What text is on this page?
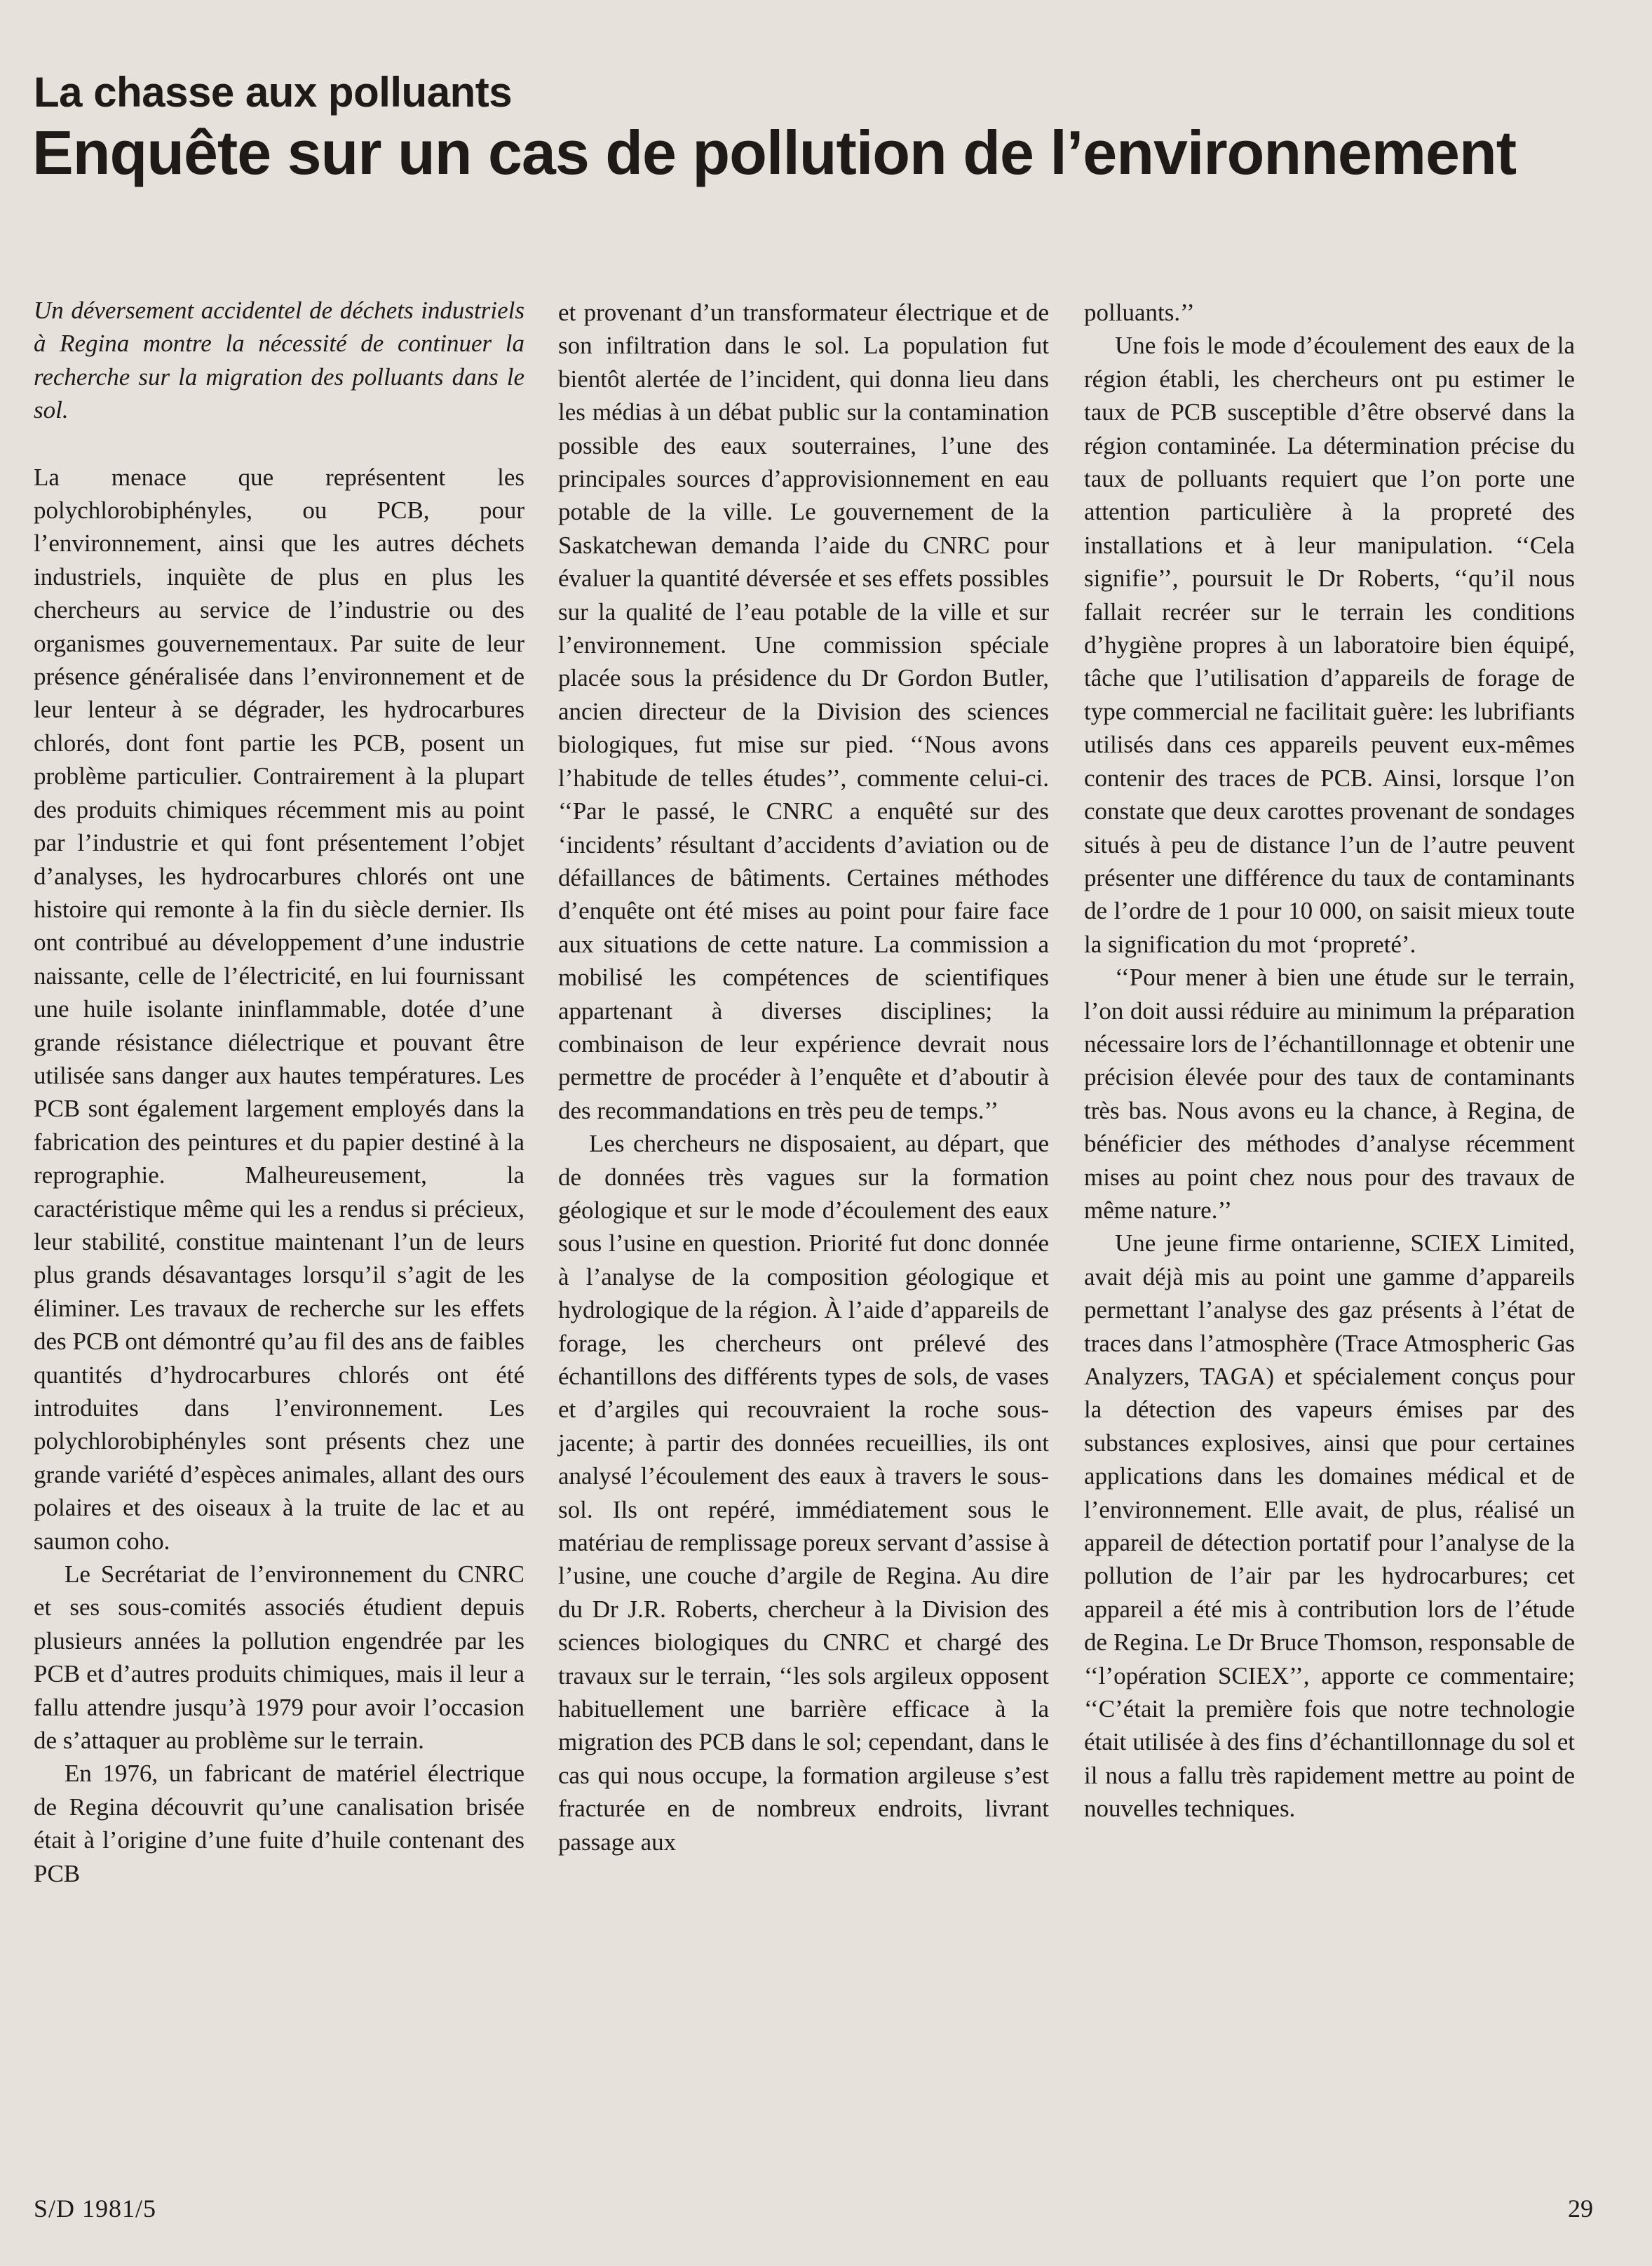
La chasse aux polluants
Enquête sur un cas de pollution de l’environnement

Un déversement accidentel de déchets industriels à Regina montre la nécessité de continuer la recherche sur la migration des polluants dans le sol.

La menace que représentent les polychlorobiphényles, ou PCB, pour l’environnement, ainsi que les autres déchets industriels, inquiète de plus en plus les chercheurs au service de l’industrie ou des organismes gouvernementaux. Par suite de leur présence généralisée dans l’environnement et de leur lenteur à se dégrader, les hydrocarbures chlorés, dont font partie les PCB, posent un problème particulier. Contrairement à la plupart des produits chimiques récemment mis au point par l’industrie et qui font présentement l’objet d’analyses, les hydrocarbures chlorés ont une histoire qui remonte à la fin du siècle dernier. Ils ont contribué au développement d’une industrie naissante, celle de l’électricité, en lui fournissant une huile isolante ininflammable, dotée d’une grande résistance diélectrique et pouvant être utilisée sans danger aux hautes températures. Les PCB sont également largement employés dans la fabrication des peintures et du papier destiné à la reprographie. Malheureusement, la caractéristique même qui les a rendus si précieux, leur stabilité, constitue maintenant l’un de leurs plus grands désavantages lorsqu’il s’agit de les éliminer. Les travaux de recherche sur les effets des PCB ont démontré qu’au fil des ans de faibles quantités d’hydrocarbures chlorés ont été introduites dans l’environnement. Les polychlorobiphényles sont présents chez une grande variété d’espèces animales, allant des ours polaires et des oiseaux à la truite de lac et au saumon coho.

Le Secrétariat de l’environnement du CNRC et ses sous-comités associés étudient depuis plusieurs années la pollution engendrée par les PCB et d’autres produits chimiques, mais il leur a fallu attendre jusqu’à 1979 pour avoir l’occasion de s’attaquer au problème sur le terrain.

En 1976, un fabricant de matériel électrique de Regina découvrit qu’une canalisation brisée était à l’origine d’une fuite d’huile contenant des PCB

et provenant d’un transformateur électrique et de son infiltration dans le sol. La population fut bientôt alertée de l’incident, qui donna lieu dans les médias à un débat public sur la contamination possible des eaux souterraines, l’une des principales sources d’approvisionnement en eau potable de la ville. Le gouvernement de la Saskatchewan demanda l’aide du CNRC pour évaluer la quantité déversée et ses effets possibles sur la qualité de l’eau potable de la ville et sur l’environnement. Une commission spéciale placée sous la présidence du Dr Gordon Butler, ancien directeur de la Division des sciences biologiques, fut mise sur pied. ‘‘Nous avons l’habitude de telles études’’, commente celui-ci. ‘‘Par le passé, le CNRC a enquêté sur des ‘incidents’ résultant d’accidents d’aviation ou de défaillances de bâtiments. Certaines méthodes d’enquête ont été mises au point pour faire face aux situations de cette nature. La commission a mobilisé les compétences de scientifiques appartenant à diverses disciplines; la combinaison de leur expérience devrait nous permettre de procéder à l’enquête et d’aboutir à des recommandations en très peu de temps.’’

Les chercheurs ne disposaient, au départ, que de données très vagues sur la formation géologique et sur le mode d’écoulement des eaux sous l’usine en question. Priorité fut donc donnée à l’analyse de la composition géologique et hydrologique de la région. À l’aide d’appareils de forage, les chercheurs ont prélevé des échantillons des différents types de sols, de vases et d’argiles qui recouvraient la roche sous-jacente; à partir des données recueillies, ils ont analysé l’écoulement des eaux à travers le sous-sol. Ils ont repéré, immédiatement sous le matériau de remplissage poreux servant d’assise à l’usine, une couche d’argile de Regina. Au dire du Dr J.R. Roberts, chercheur à la Division des sciences biologiques du CNRC et chargé des travaux sur le terrain, ‘‘les sols argileux opposent habituellement une barrière efficace à la migration des PCB dans le sol; cependant, dans le cas qui nous occupe, la formation argileuse s’est fracturée en de nombreux endroits, livrant passage aux

polluants.’’

Une fois le mode d’écoulement des eaux de la région établi, les chercheurs ont pu estimer le taux de PCB susceptible d’être observé dans la région contaminée. La détermination précise du taux de polluants requiert que l’on porte une attention particulière à la propreté des installations et à leur manipulation. ‘‘Cela signifie’’, poursuit le Dr Roberts, ‘‘qu’il nous fallait recréer sur le terrain les conditions d’hygiène propres à un laboratoire bien équipé, tâche que l’utilisation d’appareils de forage de type commercial ne facilitait guère: les lubrifiants utilisés dans ces appareils peuvent eux-mêmes contenir des traces de PCB. Ainsi, lorsque l’on constate que deux carottes provenant de sondages situés à peu de distance l’un de l’autre peuvent présenter une différence du taux de contaminants de l’ordre de 1 pour 10 000, on saisit mieux toute la signification du mot ‘propreté’.

‘‘Pour mener à bien une étude sur le terrain, l’on doit aussi réduire au minimum la préparation nécessaire lors de l’échantillonnage et obtenir une précision élevée pour des taux de contaminants très bas. Nous avons eu la chance, à Regina, de bénéficier des méthodes d’analyse récemment mises au point chez nous pour des travaux de même nature.’’

Une jeune firme ontarienne, SCIEX Limited, avait déjà mis au point une gamme d’appareils permettant l’analyse des gaz présents à l’état de traces dans l’atmosphère (Trace Atmospheric Gas Analyzers, TAGA) et spécialement conçus pour la détection des vapeurs émises par des substances explosives, ainsi que pour certaines applications dans les domaines médical et de l’environnement. Elle avait, de plus, réalisé un appareil de détection portatif pour l’analyse de la pollution de l’air par les hydrocarbures; cet appareil a été mis à contribution lors de l’étude de Regina. Le Dr Bruce Thomson, responsable de ‘‘l’opération SCIEX’’, apporte ce commentaire; ‘‘C’était la première fois que notre technologie était utilisée à des fins d’échantillonnage du sol et il nous a fallu très rapidement mettre au point de nouvelles techniques.

S/D 1981/5	29
